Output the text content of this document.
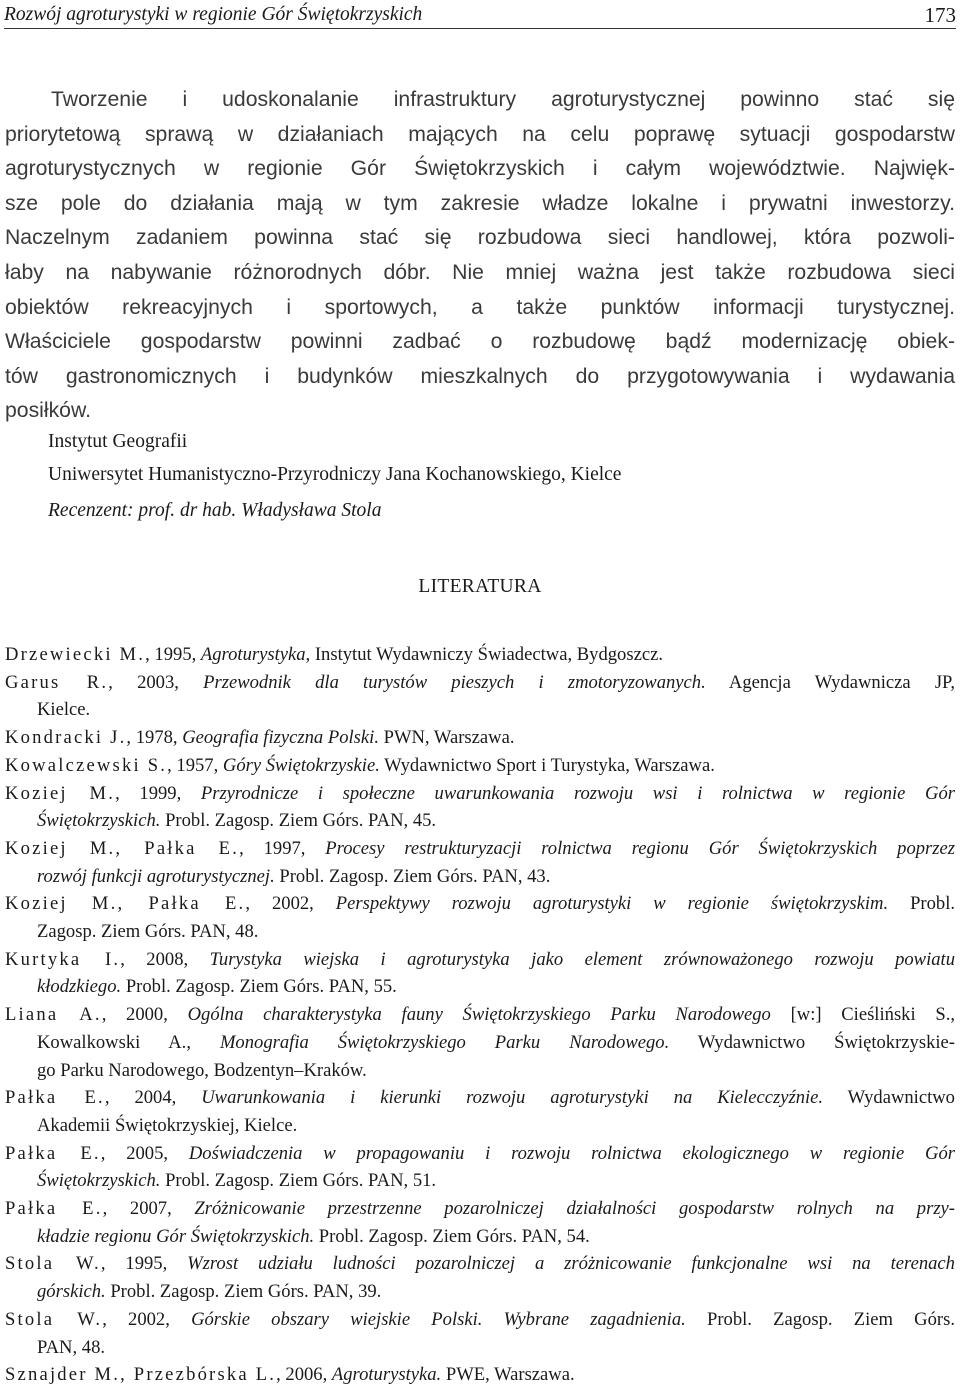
Rozwój agroturystyki w regionie Gór Świętokrzyskich	173
Tworzenie i udoskonalanie infrastruktury agroturystycznej powinno stać się
priorytetową sprawą w działaniach mających na celu poprawę sytuacji gospodarstw
agroturystycznych w regionie Gór Świętokrzyskich i całym województwie. Najwięk-
sze pole do działania mają w tym zakresie władze lokalne i prywatni inwestorzy.
Naczelnym zadaniem powinna stać się rozbudowa sieci handlowej, która pozwoli-
łaby na nabywanie różnorodnych dóbr. Nie mniej ważna jest także rozbudowa sieci
obiektów rekreacyjnych i sportowych, a także punktów informacji turystycznej.
Właściciele gospodarstw powinni zadbać o rozbudowę bądź modernizację obiek-
tów gastronomicznych i budynków mieszkalnych do przygotowywania i wydawania
posiłków.
Instytut Geografii
Uniwersytet Humanistyczno-Przyrodniczy Jana Kochanowskiego, Kielce
Recenzent: prof. dr hab. Władysława Stola
LITERATURA
Drzewiecki M., 1995, Agroturystyka, Instytut Wydawniczy Świadectwa, Bydgoszcz.
Garus R., 2003, Przewodnik dla turystów pieszych i zmotoryzowanych. Agencja Wydawnicza JP,
Kielce.
Kondracki J., 1978, Geografia fizyczna Polski. PWN, Warszawa.
Kowalczewski S., 1957, Góry Świętokrzyskie. Wydawnictwo Sport i Turystyka, Warszawa.
Koziej M., 1999, Przyrodnicze i społeczne uwarunkowania rozwoju wsi i rolnictwa w regionie Gór
Świętokrzyskich. Probl. Zagosp. Ziem Górs. PAN, 45.
Koziej M., Pałka E., 1997, Procesy restrukturyzacji rolnictwa regionu Gór Świętokrzyskich poprzez
rozwój funkcji agroturystycznej. Probl. Zagosp. Ziem Górs. PAN, 43.
Koziej M., Pałka E., 2002, Perspektywy rozwoju agroturystyki w regionie świętokrzyskim. Probl.
Zagosp. Ziem Górs. PAN, 48.
Kurtyka I., 2008, Turystyka wiejska i agroturystyka jako element zrównoważonego rozwoju powiatu
kłodzkiego. Probl. Zagosp. Ziem Górs. PAN, 55.
Liana A., 2000, Ogólna charakterystyka fauny Świętokrzyskiego Parku Narodowego [w:] Cieśliński S.,
Kowalkowski A., Monografia Świętokrzyskiego Parku Narodowego. Wydawnictwo Świętokrzyskie-
go Parku Narodowego, Bodzentyn–Kraków.
Pałka E., 2004, Uwarunkowania i kierunki rozwoju agroturystyki na Kielecczyźnie. Wydawnictwo
Akademii Świętokrzyskiej, Kielce.
Pałka E., 2005, Doświadczenia w propagowaniu i rozwoju rolnictwa ekologicznego w regionie Gór
Świętokrzyskich. Probl. Zagosp. Ziem Górs. PAN, 51.
Pałka E., 2007, Zróżnicowanie przestrzenne pozarolniczej działalności gospodarstw rolnych na przy-
kładzie regionu Gór Świętokrzyskich. Probl. Zagosp. Ziem Górs. PAN, 54.
Stola W., 1995, Wzrost udziału ludności pozarolniczej a zróżnicowanie funkcjonalne wsi na terenach
górskich. Probl. Zagosp. Ziem Górs. PAN, 39.
Stola W., 2002, Górskie obszary wiejskie Polski. Wybrane zagadnienia. Probl. Zagosp. Ziem Górs.
PAN, 48.
Sznajder M., Przezbórska L., 2006, Agroturystyka. PWE, Warszawa.
